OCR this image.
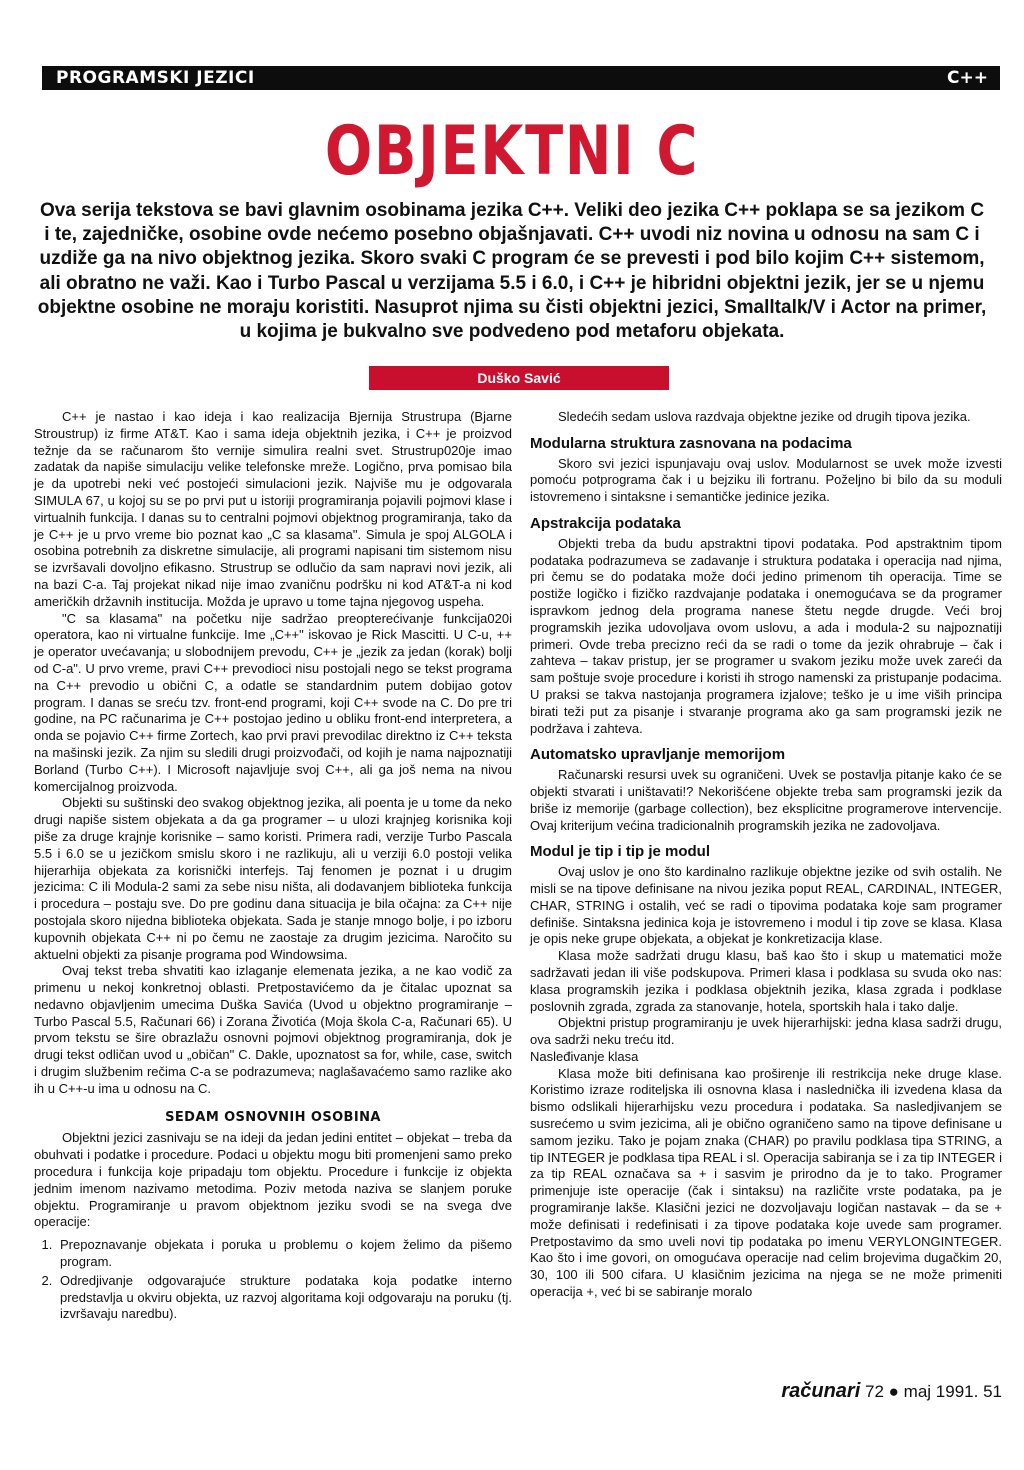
PROGRAMSKI JEZICI	C++
OBJEKTNI C

Ova serija tekstova se bavi glavnim osobinama jezika C++. Veliki deo jezika C++ poklapa se sa jezikom C i te, zajedničke, osobine ovde nećemo posebno objašnjavati. C++ uvodi niz novina u odnosu na sam C i uzdiže ga na nivo objektnog jezika. Skoro svaki C program će se prevesti i pod bilo kojim C++ sistemom, ali obratno ne važi. Kao i Turbo Pascal u verzijama 5.5 i 6.0, i C++ je hibridni objektni jezik, jer se u njemu objektne osobine ne moraju koristiti. Nasuprot njima su čisti objektni jezici, Smalltalk/V i Actor na primer, u kojima je bukvalno sve podvedeno pod metaforu objekata.

Duško Savić

C++ je nastao i kao ideja i kao realizacija Bjernija Strustrupa (Bjarne Stroustrup) iz firme AT&T. Kao i sama ideja objektnih jezika, i C++ je proizvod težnje da se računarom što vernije simulira realni svet. Strustrup020je imao zadatak da napiše simulaciju velike telefonske mreže. Logično, prva pomisao bila je da upotrebi neki već postojeći simulacioni jezik. Najviše mu je odgovarala SIMULA 67, u kojoj su se po prvi put u istoriji programiranja pojavili pojmovi klase i virtualnih funkcija. I danas su to centralni pojmovi objektnog programiranja, tako da je C++ je u prvo vreme bio poznat kao „C sa klasama". Simula je spoj ALGOLA i osobina potrebnih za diskretne simulacije, ali programi napisani tim sistemom nisu se izvršavali dovoljno efikasno. Strustrup se odlučio da sam napravi novi jezik, ali na bazi C-a. Taj projekat nikad nije imao zvaničnu podršku ni kod AT&T-a ni kod američkih državnih institucija. Možda je upravo u tome tajna njegovog uspeha.

"C sa klasama" na početku nije sadržao preopterećivanje funkcija020i operatora, kao ni virtualne funkcije. Ime „C++" iskovao je Rick Mascitti. U C-u, ++ je operator uvećavanja; u slobodnijem prevodu, C++ je „jezik za jedan (korak) bolji od C-a". U prvo vreme, pravi C++ prevodioci nisu postojali nego se tekst programa na C++ prevodio u obični C, a odatle se standardnim putem dobijao gotov program. I danas se sreću tzv. front-end programi, koji C++ svode na C. Do pre tri godine, na PC računarima je C++ postojao jedino u obliku front-end interpretera, a onda se pojavio C++ firme Zortech, kao prvi pravi prevodilac direktno iz C++ teksta na mašinski jezik. Za njim su sledili drugi proizvođači, od kojih je nama najpoznatiji Borland (Turbo C++). I Microsoft najavljuje svoj C++, ali ga još nema na nivou komercijalnog proizvoda.

Objekti su suštinski deo svakog objektnog jezika, ali poenta je u tome da neko drugi napiše sistem objekata a da ga programer – u ulozi krajnjeg korisnika koji piše za druge krajnje korisnike – samo koristi. Primera radi, verzije Turbo Pascala 5.5 i 6.0 se u jezičkom smislu skoro i ne razlikuju, ali u verziji 6.0 postoji velika hijerarhija objekata za korisnički interfejs. Taj fenomen je poznat i u drugim jezicima: C ili Modula-2 sami za sebe nisu ništa, ali dodavanjem biblioteka funkcija i procedura – postaju sve. Do pre godinu dana situacija je bila očajna: za C++ nije postojala skoro nijedna biblioteka objekata. Sada je stanje mnogo bolje, i po izboru kupovnih objekata C++ ni po čemu ne zaostaje za drugim jezicima. Naročito su aktuelni objekti za pisanje programa pod Windowsima.

Ovaj tekst treba shvatiti kao izlaganje elemenata jezika, a ne kao vodič za primenu u nekoj konkretnoj oblasti. Pretpostavićemo da je čitalac upoznat sa nedavno objavljenim umecima Duška Savića (Uvod u objektno programiranje – Turbo Pascal 5.5, Računari 66) i Zorana Životića (Moja škola C-a, Računari 65). U prvom tekstu se šire obrazlažu osnovni pojmovi objektnog programiranja, dok je drugi tekst odličan uvod u „običan" C. Dakle, upoznatost sa for, while, case, switch i drugim službenim rečima C-a se podrazumeva; naglašavaćemo samo razlike ako ih u C++-u ima u odnosu na C.

SEDAM OSNOVNIH OSOBINA

Objektni jezici zasnivaju se na ideji da jedan jedini entitet – objekat – treba da obuhvati i podatke i procedure. Podaci u objektu mogu biti promenjeni samo preko procedura i funkcija koje pripadaju tom objektu. Procedure i funkcije iz objekta jednim imenom nazivamo metodima. Poziv metoda naziva se slanjem poruke objektu. Programiranje u pravom objektnom jeziku svodi se na svega dve operacije:

1. Prepoznavanje objekata i poruka u problemu o kojem želimo da pišemo program.
2. Odredjivanje odgovarajuće strukture podataka koja podatke interno predstavlja u okviru objekta, uz razvoj algoritama koji odgovaraju na poruku (tj. izvršavaju naredbu).

Sledećih sedam uslova razdvaja objektne jezike od drugih tipova jezika.

Modularna struktura zasnovana na podacima

Skoro svi jezici ispunjavaju ovaj uslov. Modularnost se uvek može izvesti pomoću potprograma čak i u bejziku ili fortranu. Poželjno bi bilo da su moduli istovremeno i sintaksne i semantičke jedinice jezika.

Apstrakcija podataka

Objekti treba da budu apstraktni tipovi podataka. Pod apstraktnim tipom podataka podrazumeva se zadavanje i struktura podataka i operacija nad njima, pri čemu se do podataka može doći jedino primenom tih operacija. Time se postiže logičko i fizičko razdvajanje podataka i onemogućava se da programer ispravkom jednog dela programa nanese štetu negde drugde. Veći broj programskih jezika udovoljava ovom uslovu, a ada i modula-2 su najpoznatiji primeri. Ovde treba precizno reći da se radi o tome da jezik ohrabruje – čak i zahteva – takav pristup, jer se programer u svakom jeziku može uvek zareći da sam poštuje svoje procedure i koristi ih strogo namenski za pristupanje podacima. U praksi se takva nastojanja programera izjalove; teško je u ime viših principa birati teži put za pisanje i stvaranje programa ako ga sam programski jezik ne podržava i zahteva.

Automatsko upravljanje memorijom

Računarski resursi uvek su ograničeni. Uvek se postavlja pitanje kako će se objekti stvarati i uništavati!? Nekorišćene objekte treba sam programski jezik da briše iz memorije (garbage collection), bez eksplicitne programerove intervencije. Ovaj kriterijum većina tradicionalnih programskih jezika ne zadovoljava.

Modul je tip i tip je modul

Ovaj uslov je ono što kardinalno razlikuje objektne jezike od svih ostalih. Ne misli se na tipove definisane na nivou jezika poput REAL, CARDINAL, INTEGER, CHAR, STRING i ostalih, već se radi o tipovima podataka koje sam programer definiše. Sintaksna jedinica koja je istovremeno i modul i tip zove se klasa. Klasa je opis neke grupe objekata, a objekat je konkretizacija klase.

Klasa može sadržati drugu klasu, baš kao što i skup u matematici može sadržavati jedan ili više podskupova. Primeri klasa i podklasa su svuda oko nas: klasa programskih jezika i podklasa objektnih jezika, klasa zgrada i podklase poslovnih zgrada, zgrada za stanovanje, hotela, sportskih hala i tako dalje.

Objektni pristup programiranju je uvek hijerarhijski: jedna klasa sadrži drugu, ova sadrži neku treću itd.

Nasleđivanje klasa

Klasa može biti definisana kao proširenje ili restrikcija neke druge klase. Koristimo izraze roditeljska ili osnovna klasa i naslednička ili izvedena klasa da bismo odslikali hijerarhijsku vezu procedura i podataka. Sa nasledjivanjem se susrećemo u svim jezicima, ali je obično ograničeno samo na tipove definisane u samom jeziku. Tako je pojam znaka (CHAR) po pravilu podklasa tipa STRING, a tip INTEGER je podklasa tipa REAL i sl. Operacija sabiranja se i za tip INTEGER i za tip REAL označava sa + i sasvim je prirodno da je to tako. Programer primenjuje iste operacije (čak i sintaksu) na različite vrste podataka, pa je programiranje lakše. Klasični jezici ne dozvoljavaju logičan nastavak – da se + može definisati i redefinisati i za tipove podataka koje uvede sam programer. Pretpostavimo da smo uveli novi tip podataka po imenu VERYLONGINTEGER. Kao što i ime govori, on omogućava operacije nad celim brojevima dugačkim 20, 30, 100 ili 500 cifara. U klasičnim jezicima na njega se ne može primeniti operacija +, već bi se sabiranje moralo

računari 72 ● maj 1991. 51
